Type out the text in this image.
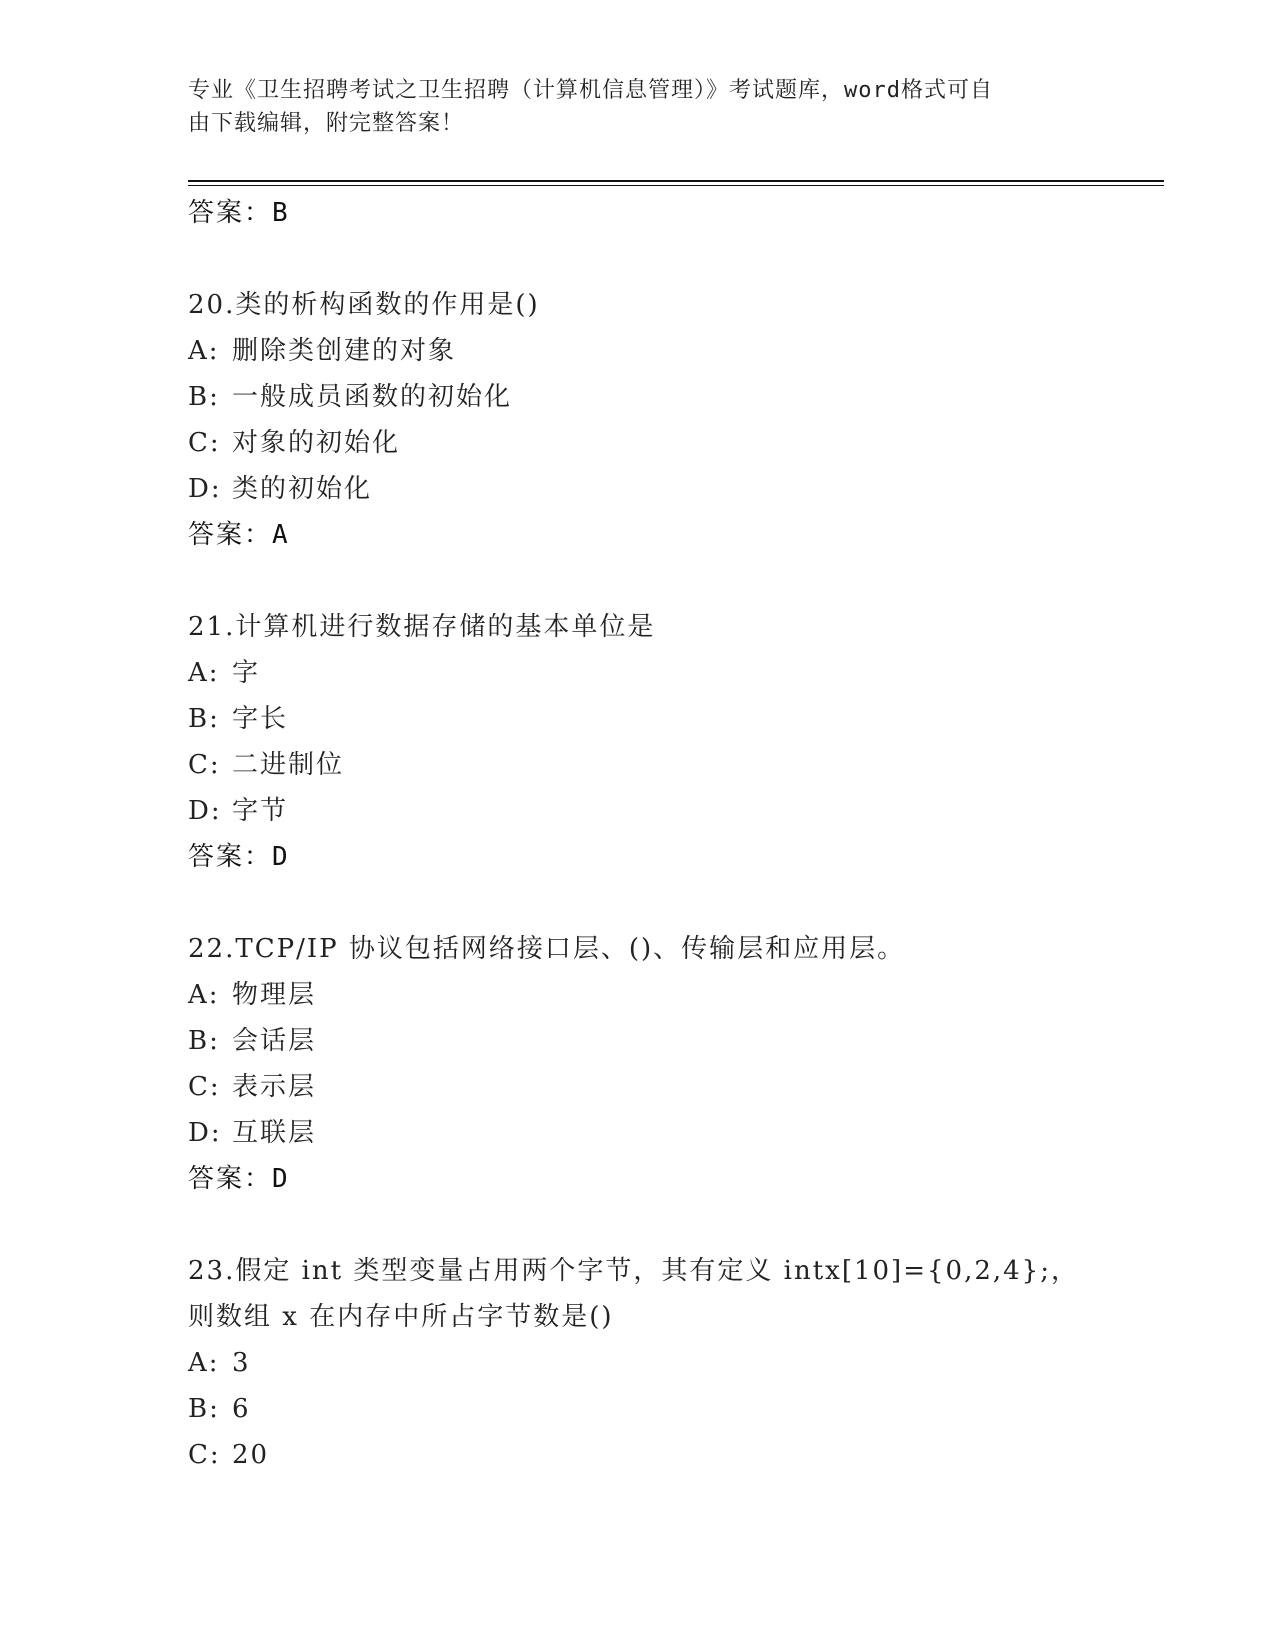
专业《卫生招聘考试之卫生招聘（计算机信息管理）》考试题库，word格式可自
由下载编辑，附完整答案！
答案：B
20.类的析构函数的作用是()
A: 删除类创建的对象
B: 一般成员函数的初始化
C: 对象的初始化
D: 类的初始化
答案：A
21.计算机进行数据存储的基本单位是
A: 字
B: 字长
C: 二进制位
D: 字节
答案：D
22.TCP/IP 协议包括网络接口层、()、传输层和应用层。
A: 物理层
B: 会话层
C: 表示层
D: 互联层
答案：D
23.假定 int 类型变量占用两个字节，其有定义 intx[10]={0,2,4};，
则数组 x 在内存中所占字节数是()
A: 3
B: 6
C: 20
